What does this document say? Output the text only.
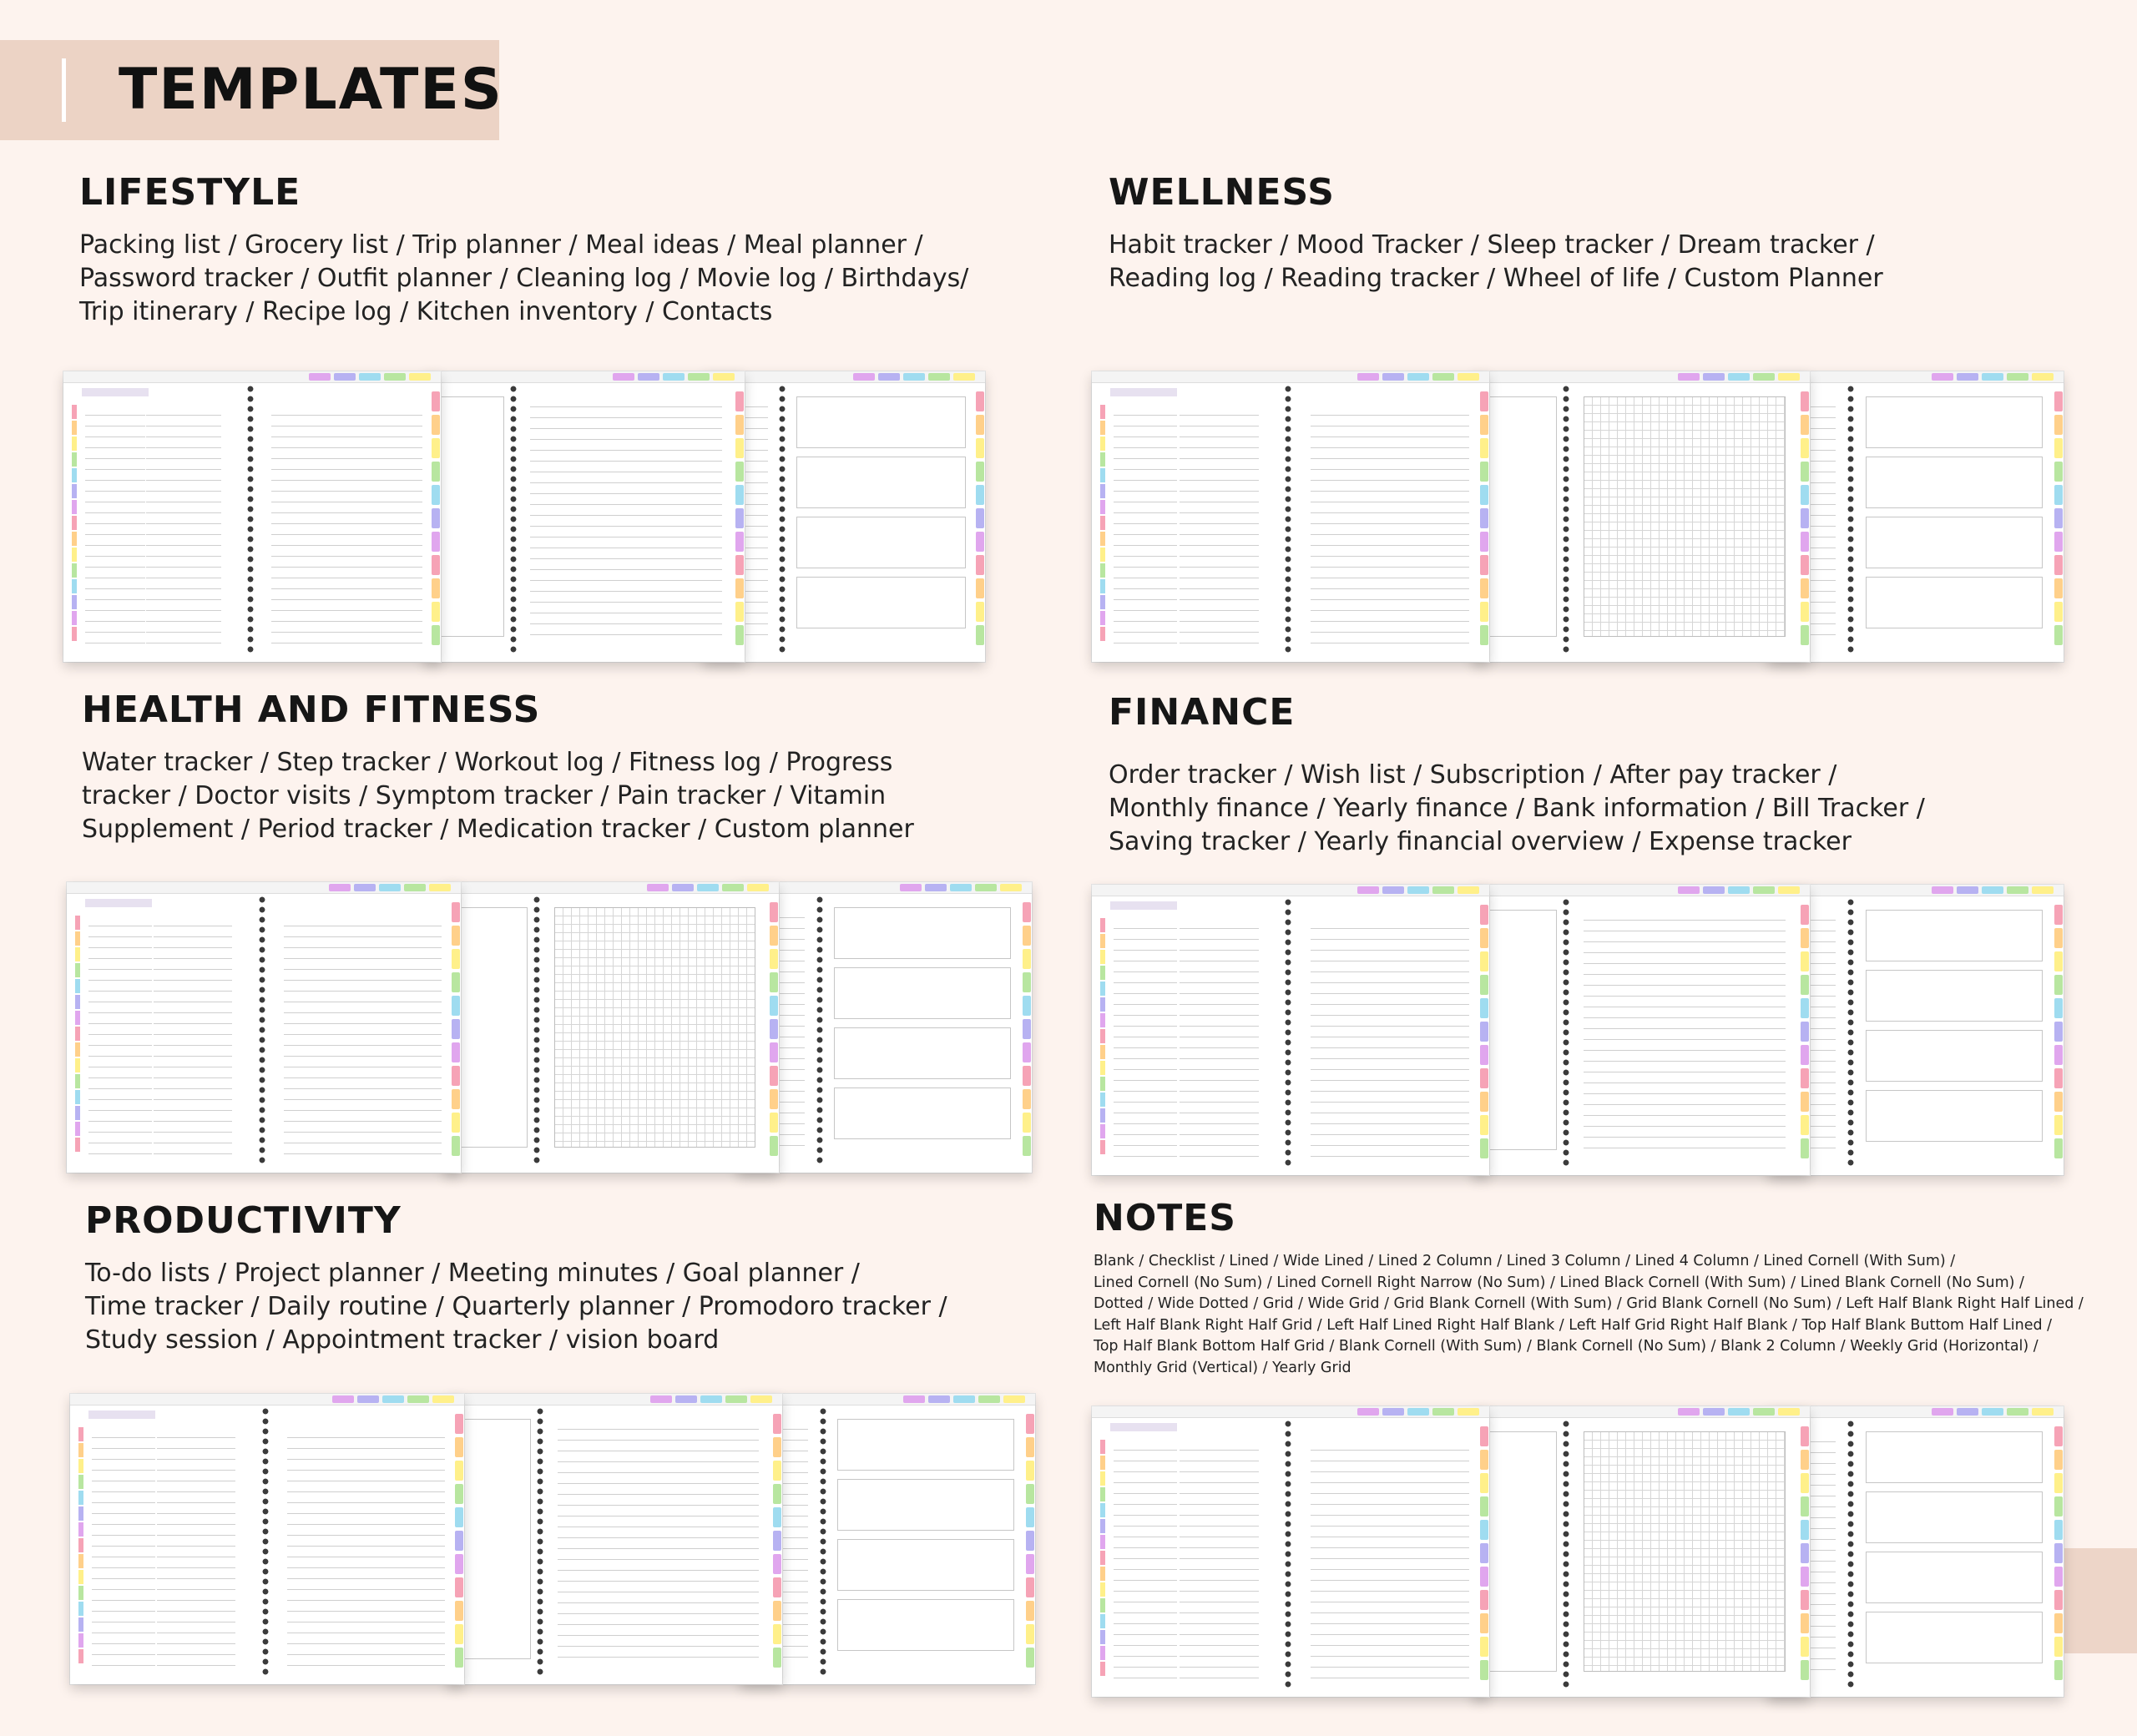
TEMPLATES
LIFESTYLE

Packing list / Grocery list / Trip planner / Meal ideas / Meal planner /
Password tracker / Outfit planner / Cleaning log / Movie log / Birthdays/
Trip itinerary / Recipe log / Kitchen inventory / Contacts

WELLNESS

Habit tracker / Mood Tracker / Sleep tracker / Dream tracker /
Reading log / Reading tracker / Wheel of life / Custom Planner

HEALTH AND FITNESS

Water tracker / Step tracker / Workout log / Fitness log / Progress
tracker / Doctor visits / Symptom tracker / Pain tracker / Vitamin
Supplement / Period tracker / Medication tracker / Custom planner

FINANCE

Order tracker / Wish list / Subscription / After pay tracker /
Monthly finance / Yearly finance / Bank information / Bill Tracker /
Saving tracker / Yearly financial overview / Expense tracker

PRODUCTIVITY

To-do lists / Project planner / Meeting minutes / Goal planner /
Time tracker / Daily routine / Quarterly planner / Promodoro tracker /
Study session / Appointment tracker / vision board

NOTES

Blank / Checklist / Lined / Wide Lined / Lined 2 Column / Lined 3 Column / Lined 4 Column / Lined Cornell (With Sum) /
Lined Cornell (No Sum) / Lined Cornell Right Narrow (No Sum) / Lined Black Cornell (With Sum) / Lined Blank Cornell (No Sum) /
Dotted / Wide Dotted / Grid / Wide Grid / Grid Blank Cornell (With Sum) / Grid Blank Cornell (No Sum) / Left Half Blank Right Half Lined /
Left Half Blank Right Half Grid / Left Half Lined Right Half Blank / Left Half Grid Right Half Blank / Top Half Blank Buttom Half Lined /
Top Half Blank Bottom Half Grid / Blank Cornell (With Sum) / Blank Cornell (No Sum) / Blank 2 Column / Weekly Grid (Horizontal) /
Monthly Grid (Vertical) / Yearly Grid
